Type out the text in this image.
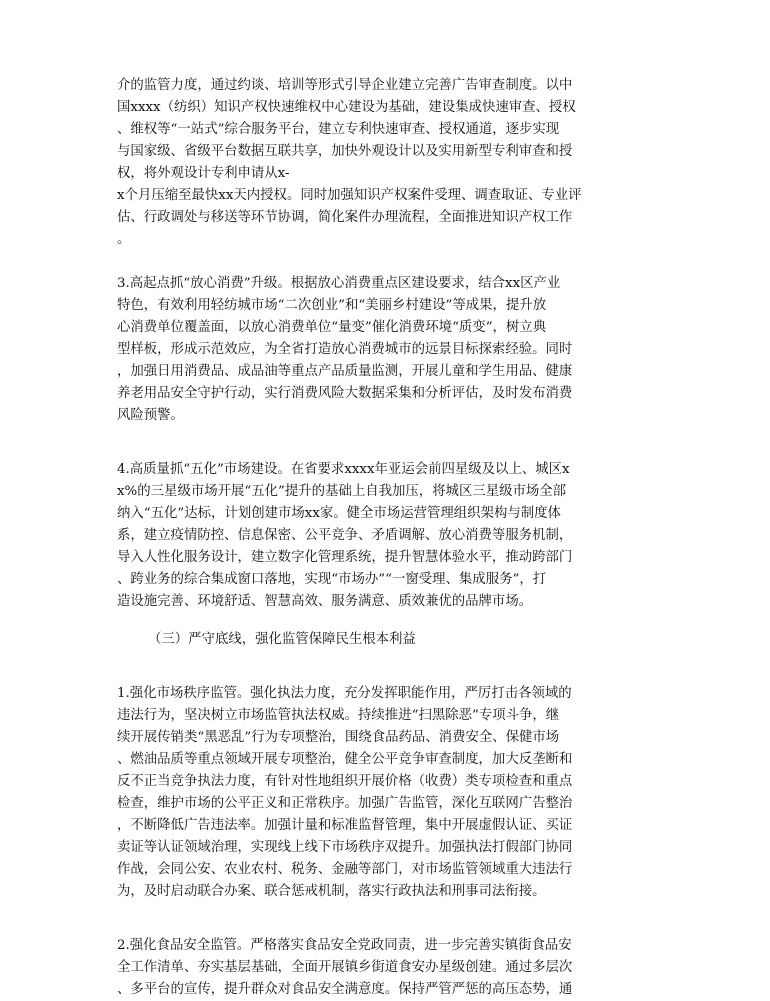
介的监管力度，通过约谈、培训等形式引导企业建立完善广告审查制度。以中
国xxxx（纺织）知识产权快速维权中心建设为基础，建设集成快速审查、授权
、维权等“一站式”综合服务平台，建立专利快速审查、授权通道，逐步实现
与国家级、省级平台数据互联共享，加快外观设计以及实用新型专利审查和授
权，将外观设计专利申请从x-
x个月压缩至最快xx天内授权。同时加强知识产权案件受理、调查取证、专业评
估、行政调处与移送等环节协调，简化案件办理流程，全面推进知识产权工作
。
3.高起点抓“放心消费”升级。根据放心消费重点区建设要求，结合xx区产业
特色，有效利用轻纺城市场“二次创业”和“美丽乡村建设”等成果，提升放
心消费单位覆盖面，以放心消费单位“量变”催化消费环境“质变”，树立典
型样板，形成示范效应，为全省打造放心消费城市的远景目标探索经验。同时
，加强日用消费品、成品油等重点产品质量监测，开展儿童和学生用品、健康
养老用品安全守护行动，实行消费风险大数据采集和分析评估，及时发布消费
风险预警。
4.高质量抓“五化”市场建设。在省要求xxxx年亚运会前四星级及以上、城区x
x%的三星级市场开展“五化”提升的基础上自我加压，将城区三星级市场全部
纳入“五化”达标，计划创建市场xx家。健全市场运营管理组织架构与制度体
系，建立疫情防控、信息保密、公平竞争、矛盾调解、放心消费等服务机制，
导入人性化服务设计，建立数字化管理系统，提升智慧体验水平，推动跨部门
、跨业务的综合集成窗口落地，实现“市场办”“一窗受理、集成服务”，打
造设施完善、环境舒适、智慧高效、服务满意、质效兼优的品牌市场。
（三）严守底线，强化监管保障民生根本利益
1.强化市场秩序监管。强化执法力度，充分发挥职能作用，严厉打击各领域的
违法行为，坚决树立市场监管执法权威。持续推进“扫黑除恶”专项斗争，继
续开展传销类“黑恶乱”行为专项整治，围绕食品药品、消费安全、保健市场
、燃油品质等重点领域开展专项整治，健全公平竞争审查制度，加大反垄断和
反不正当竞争执法力度，有针对性地组织开展价格（收费）类专项检查和重点
检查，维护市场的公平正义和正常秩序。加强广告监管，深化互联网广告整治
，不断降低广告违法率。加强计量和标准监督管理，集中开展虚假认证、买证
卖证等认证领域治理，实现线上线下市场秩序双提升。加强执法打假部门协同
作战，会同公安、农业农村、税务、金融等部门，对市场监管领域重大违法行
为，及时启动联合办案、联合惩戒机制，落实行政执法和刑事司法衔接。
2.强化食品安全监管。严格落实食品安全党政同责，进一步完善实镇街食品安
全工作清单、夯实基层基础，全面开展镇乡街道食安办星级创建。通过多层次
、多平台的宣传，提升群众对食品安全满意度。保持严管严惩的高压态势，通
